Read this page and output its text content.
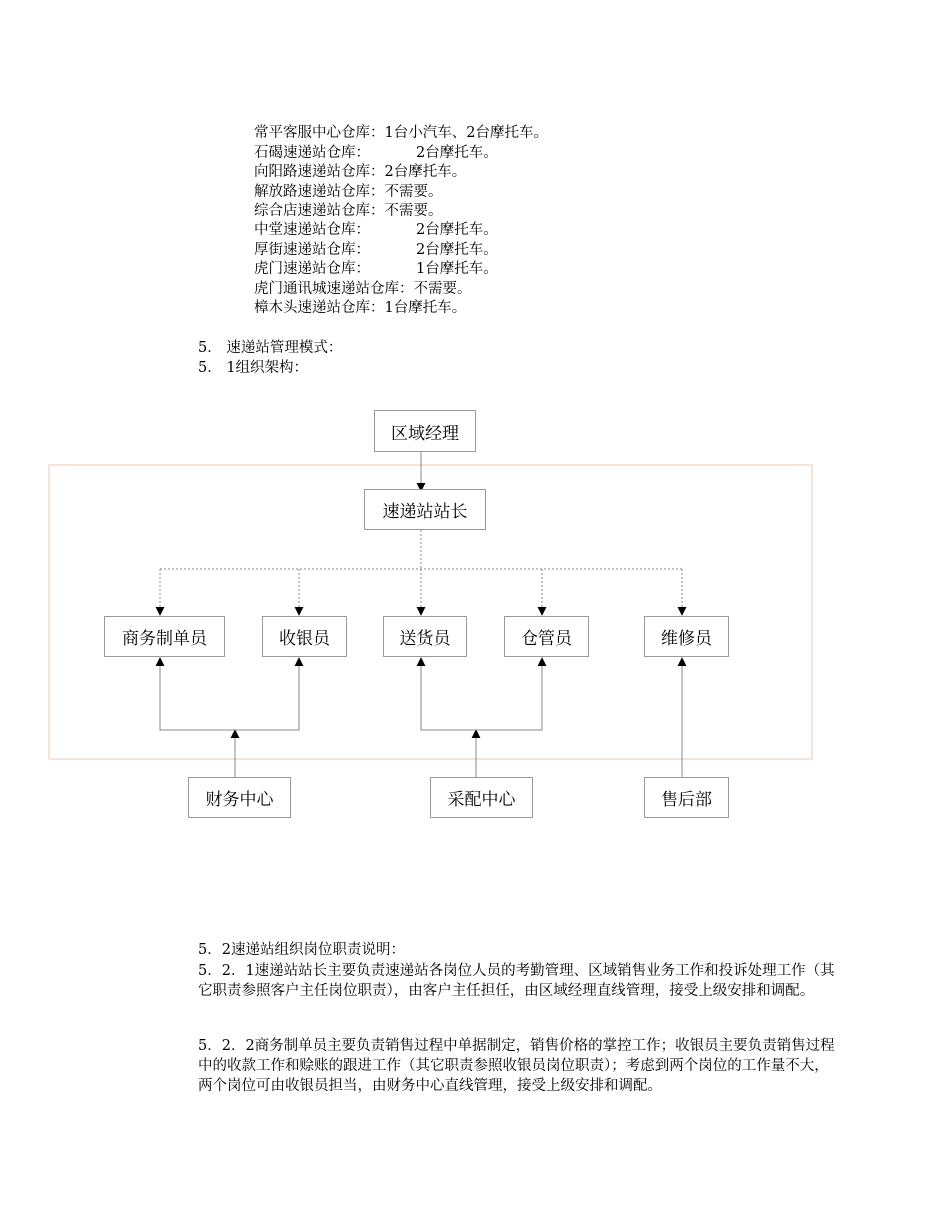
常平客服中心仓库：1台小汽车、2台摩托车。
石碣速递站仓库：	2台摩托车。
向阳路速递站仓库：2台摩托车。
解放路速递站仓库：不需要。
综合店速递站仓库：不需要。
中堂速递站仓库：	2台摩托车。
厚街速递站仓库：	2台摩托车。
虎门速递站仓库：	1台摩托车。
虎门通讯城速递站仓库：不需要。
樟木头速递站仓库：1台摩托车。
5． 速递站管理模式：
5． 1组织架构：
区域经理
速递站站长
商务制单员	收银员	送货员	仓管员	维修员
财务中心	采配中心	售后部
5．2速递站组织岗位职责说明：

5．2．1速递站站长主要负责速递站各岗位人员的考勤管理、区域销售业务工作和投诉处理工作（其它职责参照客户主任岗位职责），由客户主任担任，由区域经理直线管理，接受上级安排和调配。

5．2．2商务制单员主要负责销售过程中单据制定，销售价格的掌控工作；收银员主要负责销售过程中的收款工作和赊账的跟进工作（其它职责参照收银员岗位职责）；考虑到两个岗位的工作量不大，两个岗位可由收银员担当，由财务中心直线管理，接受上级安排和调配。
